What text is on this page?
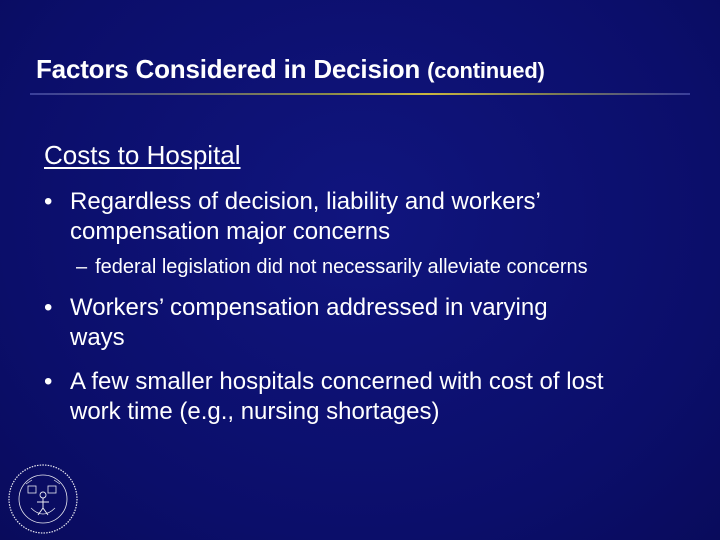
Factors Considered in Decision (continued)
Costs to Hospital
• Regardless of decision, liability and workers’
compensation major concerns
– federal legislation did not necessarily alleviate concerns
• Workers’ compensation addressed in varying
ways
• A few smaller hospitals concerned with cost of lost
work time (e.g., nursing shortages)
